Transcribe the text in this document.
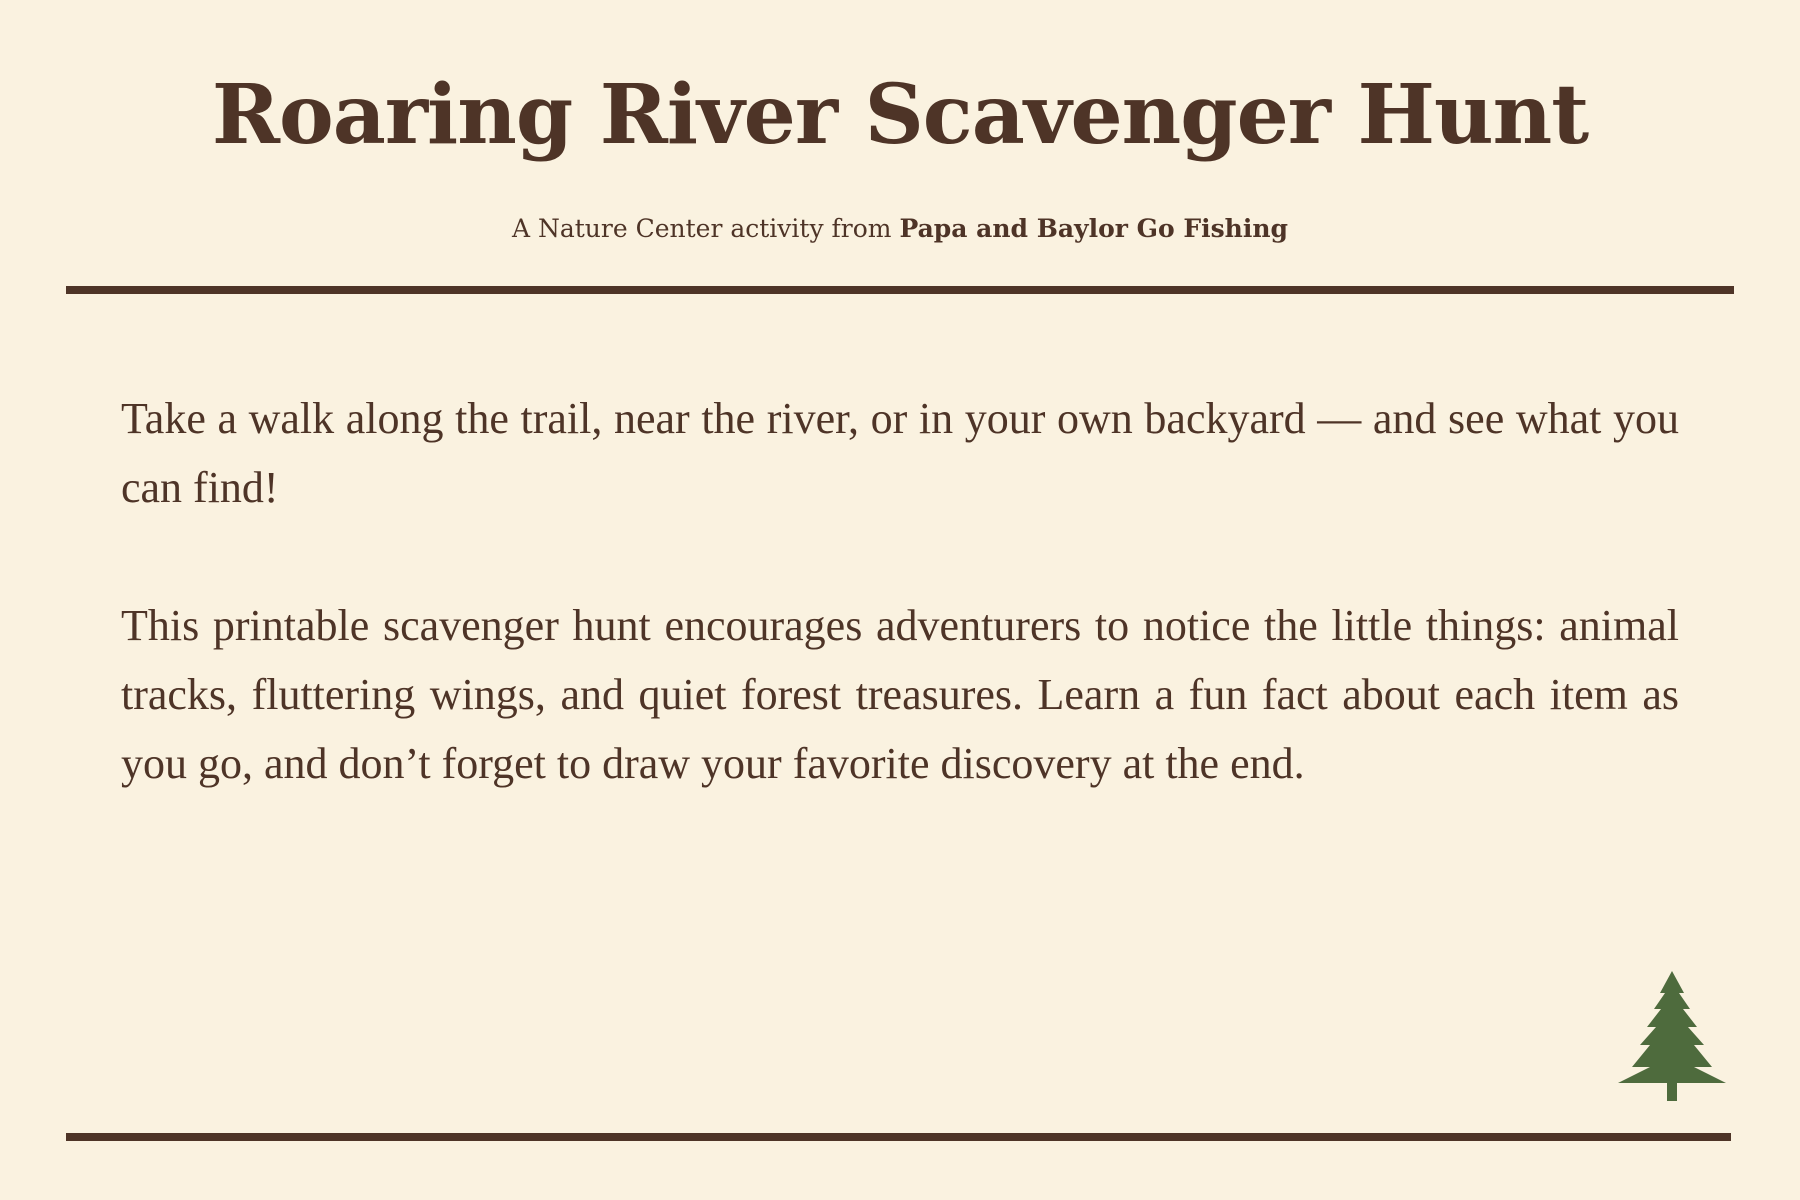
Roaring River Scavenger Hunt
A Nature Center activity from Papa and Baylor Go Fishing

Take a walk along the trail, near the river, or in your own backyard — and see what you can find!

This printable scavenger hunt encourages adventurers to notice the little things: animal tracks, fluttering wings, and quiet forest treasures. Learn a fun fact about each item as you go, and don’t forget to draw your favorite discovery at the end.
